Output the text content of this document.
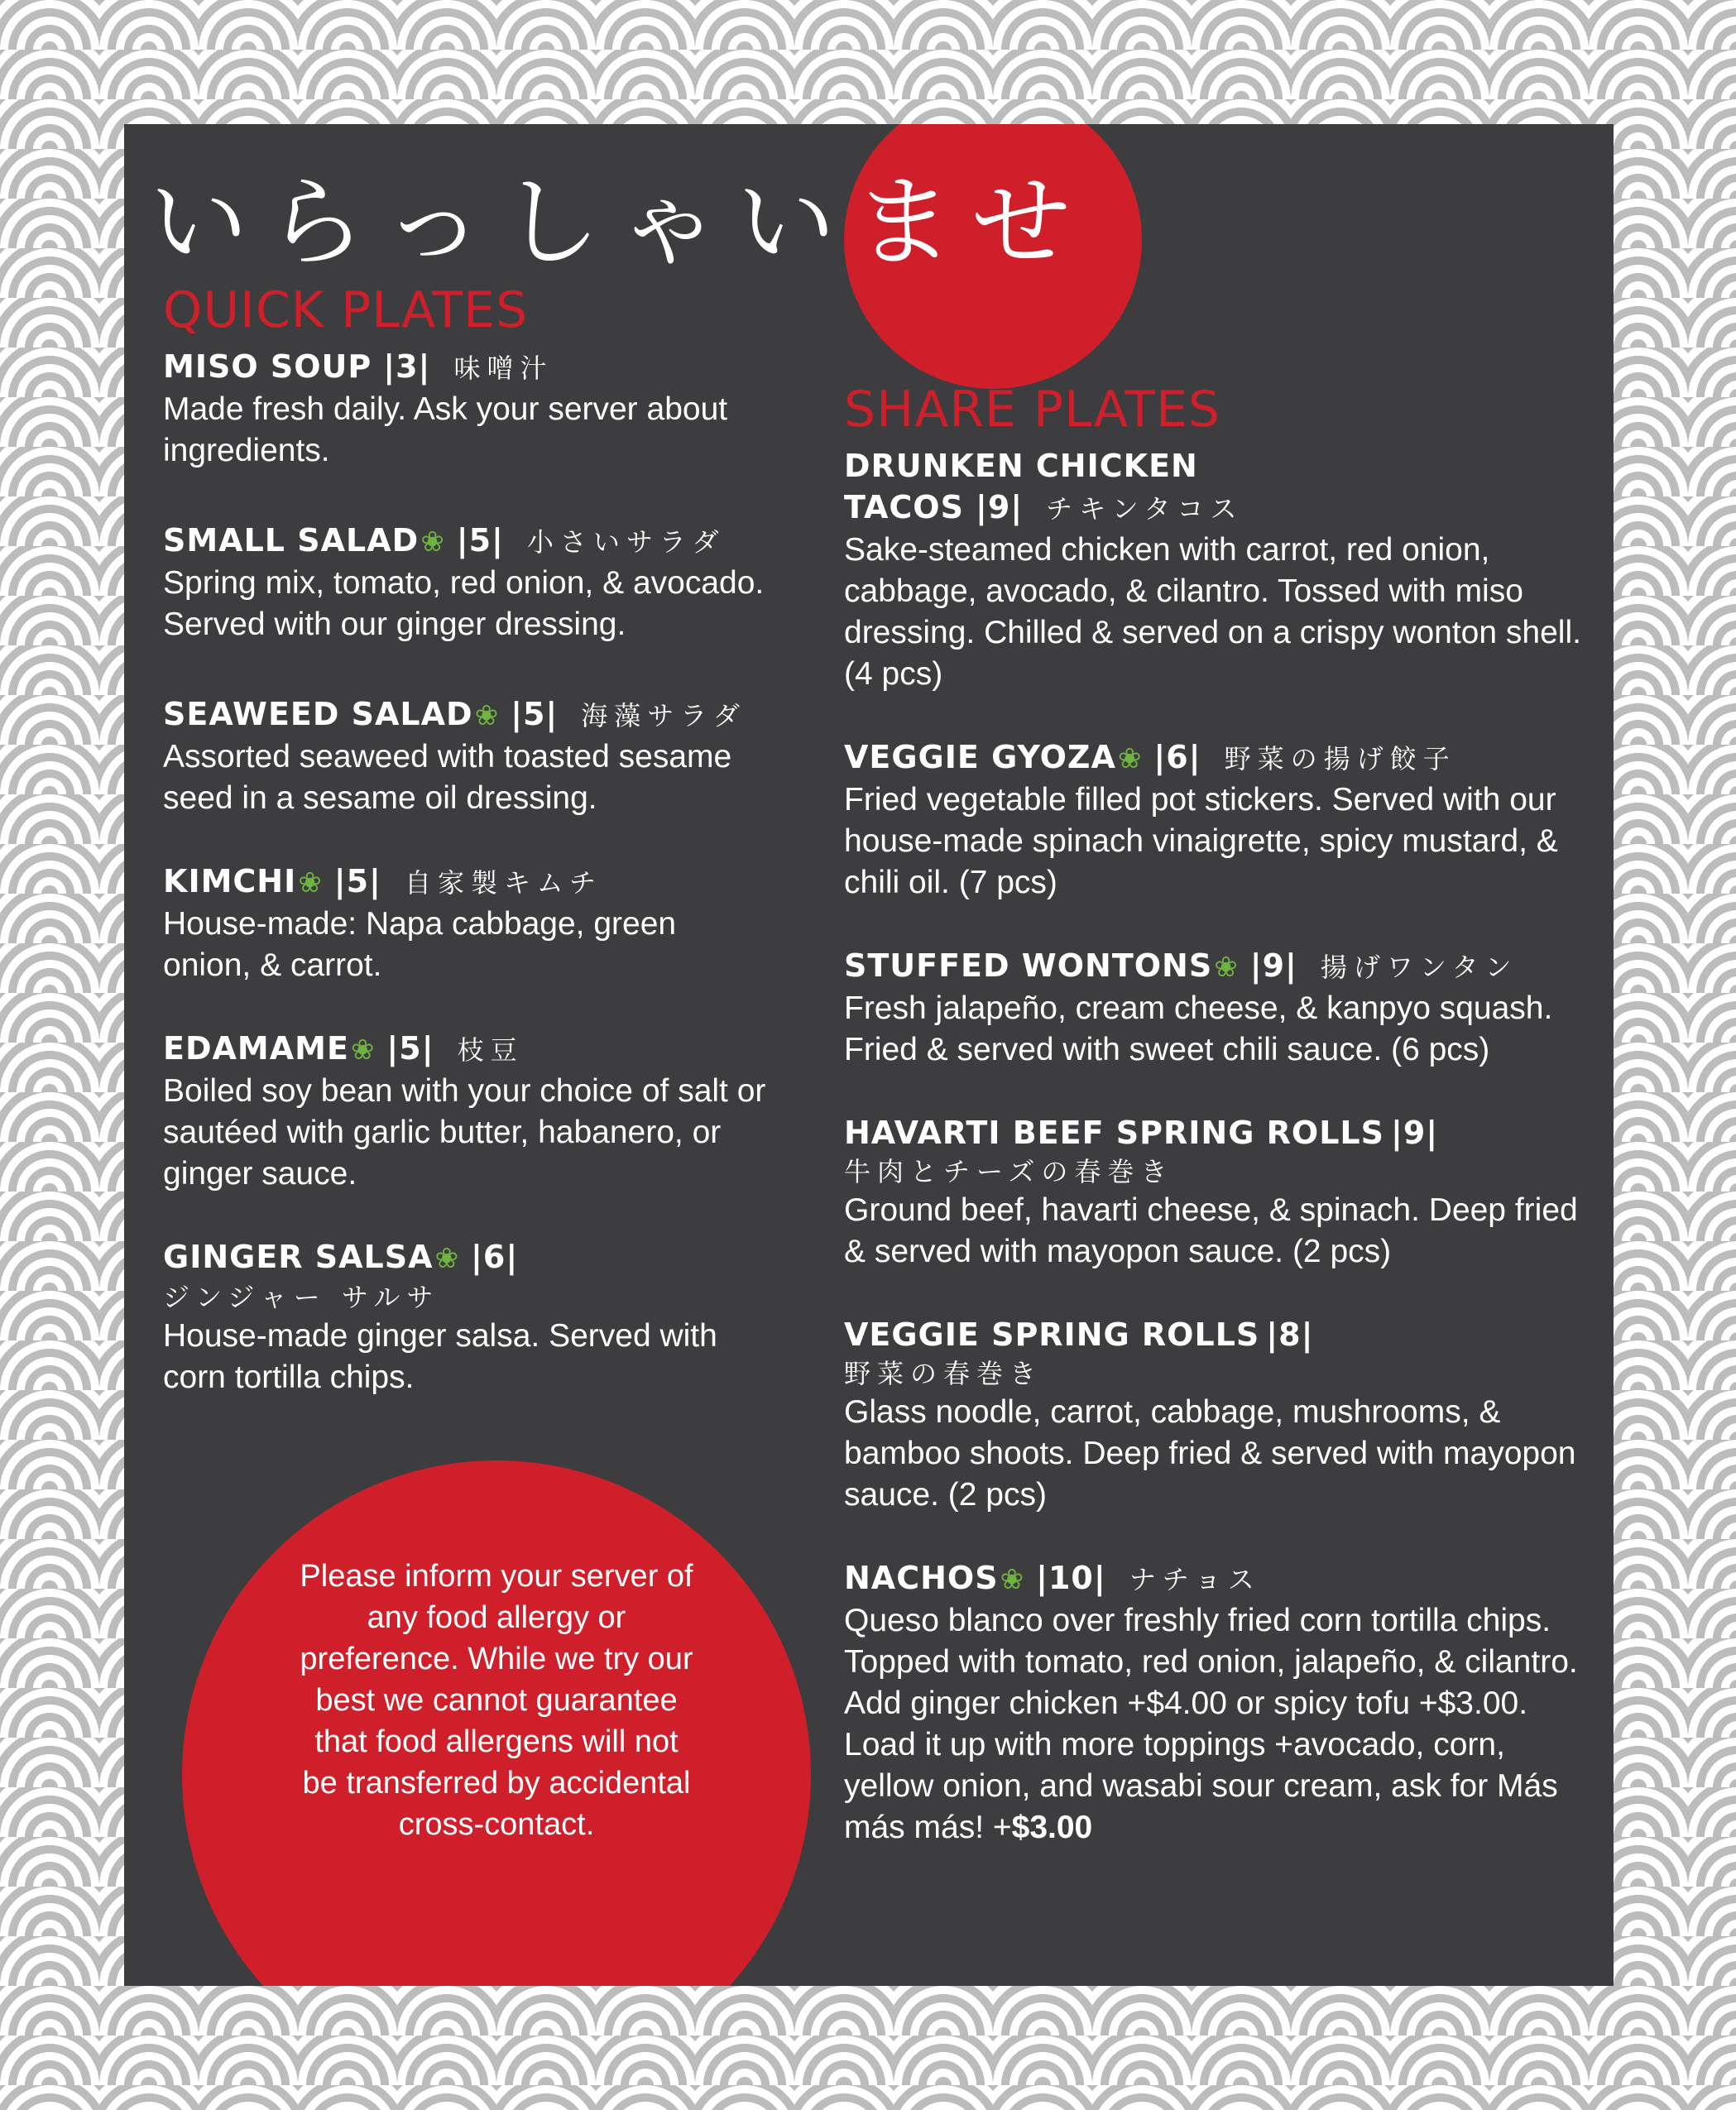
Please inform your server of any food allergy or preference. While we try our best we cannot guarantee that food allergens will not be transferred by accidental cross-contact.
いらっしゃいませ
QUICK PLATES
MISO SOUP |3| 味噌汁
Made fresh daily. Ask your server about ingredients.
SMALL SALAD❀ |5| 小さいサラダ
Spring mix, tomato, red onion, & avocado. Served with our ginger dressing.
SEAWEED SALAD❀ |5| 海藻サラダ
Assorted seaweed with toasted sesame seed in a sesame oil dressing.
KIMCHI❀ |5| 自家製キムチ
House-made: Napa cabbage, green onion, & carrot.
EDAMAME❀ |5| 枝豆
Boiled soy bean with your choice of salt or sautéed with garlic butter, habanero, or ginger sauce.
GINGER SALSA❀ |6|
ジンジャー サルサ
House-made ginger salsa. Served with corn tortilla chips.
SHARE PLATES
DRUNKEN CHICKEN
TACOS |9| チキンタコス
Sake-steamed chicken with carrot, red onion, cabbage, avocado, & cilantro. Tossed with miso dressing. Chilled & served on a crispy wonton shell. (4 pcs)
VEGGIE GYOZA❀ |6| 野菜の揚げ餃子
Fried vegetable filled pot stickers. Served with our house-made spinach vinaigrette, spicy mustard, & chili oil. (7 pcs)
STUFFED WONTONS❀ |9| 揚げワンタン
Fresh jalapeño, cream cheese, & kanpyo squash. Fried & served with sweet chili sauce. (6 pcs)
HAVARTI BEEF SPRING ROLLS |9|
牛肉とチーズの春巻き
Ground beef, havarti cheese, & spinach. Deep fried & served with mayopon sauce. (2 pcs)
VEGGIE SPRING ROLLS |8|
野菜の春巻き
Glass noodle, carrot, cabbage, mushrooms, & bamboo shoots. Deep fried & served with mayopon sauce. (2 pcs)
NACHOS❀ |10| ナチョス
Queso blanco over freshly fried corn tortilla chips. Topped with tomato, red onion, jalapeño, & cilantro. Add ginger chicken +$4.00 or spicy tofu +$3.00.
Load it up with more toppings +avocado, corn, yellow onion, and wasabi sour cream, ask for Más más más! +$3.00
